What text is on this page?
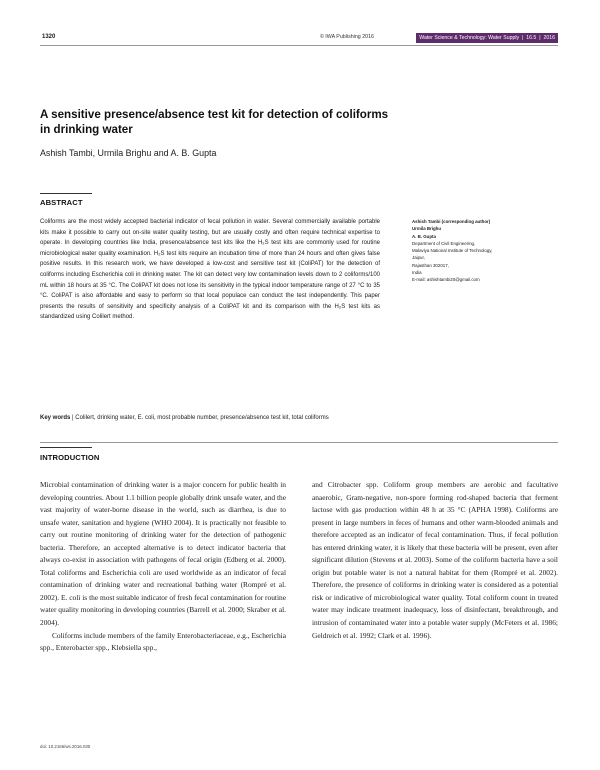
1320	© IWA Publishing 2016	Water Science & Technology: Water Supply  |  16.5  |  2016
A sensitive presence/absence test kit for detection of coliforms in drinking water
Ashish Tambi, Urmila Brighu and A. B. Gupta
ABSTRACT

Coliforms are the most widely accepted bacterial indicator of fecal pollution in water. Several commercially available portable kits make it possible to carry out on-site water quality testing, but are usually costly and often require technical expertise to operate. In developing countries like India, presence/absence test kits like the H₂S test kits are commonly used for routine microbiological water quality examination. H₂S test kits require an incubation time of more than 24 hours and often gives false positive results. In this research work, we have developed a low-cost and sensitive test kit (ColiPAT) for the detection of coliforms including Escherichia coli in drinking water. The kit can detect very low contamination levels down to 2 coliforms/100 mL within 18 hours at 35 °C. The ColiPAT kit does not lose its sensitivity in the typical indoor temperature range of 27 °C to 35 °C. ColiPAT is also affordable and easy to perform so that local populace can conduct the test independently. This paper presents the results of sensitivity and specificity analysis of a ColiPAT kit and its comparison with the H₂S test kits as standardized using Colilert method.

Key words | Colilert, drinking water, E. coli, most probable number, presence/absence test kit, total coliforms
Ashish Tambi (corresponding author)
Urmila Brighu
A. B. Gupta
Department of Civil Engineering,
Malaviya National Institute of Technology,
Jaipur,
Rajasthan 302017,
India
E-mail: ashishtambi20@gmail.com
INTRODUCTION

Microbial contamination of drinking water is a major concern for public health in developing countries. About 1.1 billion people globally drink unsafe water, and the vast majority of water-borne disease in the world, such as diarrhea, is due to unsafe water, sanitation and hygiene (WHO 2004). It is practically not feasible to carry out routine monitoring of drinking water for the detection of pathogenic bacteria. Therefore, an accepted alternative is to detect indicator bacteria that always co-exist in association with pathogens of fecal origin (Edberg et al. 2000). Total coliforms and Escherichia coli are used worldwide as an indicator of fecal contamination of drinking water and recreational bathing water (Rompré et al. 2002). E. coli is the most suitable indicator of fresh fecal contamination for routine water quality monitoring in developing countries (Barrell et al. 2000; Skraber et al. 2004).

Coliforms include members of the family Enterobacteriaceae, e.g., Escherichia spp., Enterobacter spp., Klebsiella spp.,

and Citrobacter spp. Coliform group members are aerobic and facultative anaerobic, Gram-negative, non-spore forming rod-shaped bacteria that ferment lactose with gas production within 48 h at 35 °C (APHA 1998). Coliforms are present in large numbers in feces of humans and other warm-blooded animals and therefore accepted as an indicator of fecal contamination. Thus, if fecal pollution has entered drinking water, it is likely that these bacteria will be present, even after significant dilution (Stevens et al. 2003). Some of the coliform bacteria have a soil origin but potable water is not a natural habitat for them (Rompré et al. 2002). Therefore, the presence of coliforms in drinking water is considered as a potential risk or indicative of microbiological water quality. Total coliform count in treated water may indicate treatment inadequacy, loss of disinfectant, breakthrough, and intrusion of contaminated water into a potable water supply (McFeters et al. 1986; Geldreich et al. 1992; Clark et al. 1996).

doi: 10.2166/ws.2016.035
